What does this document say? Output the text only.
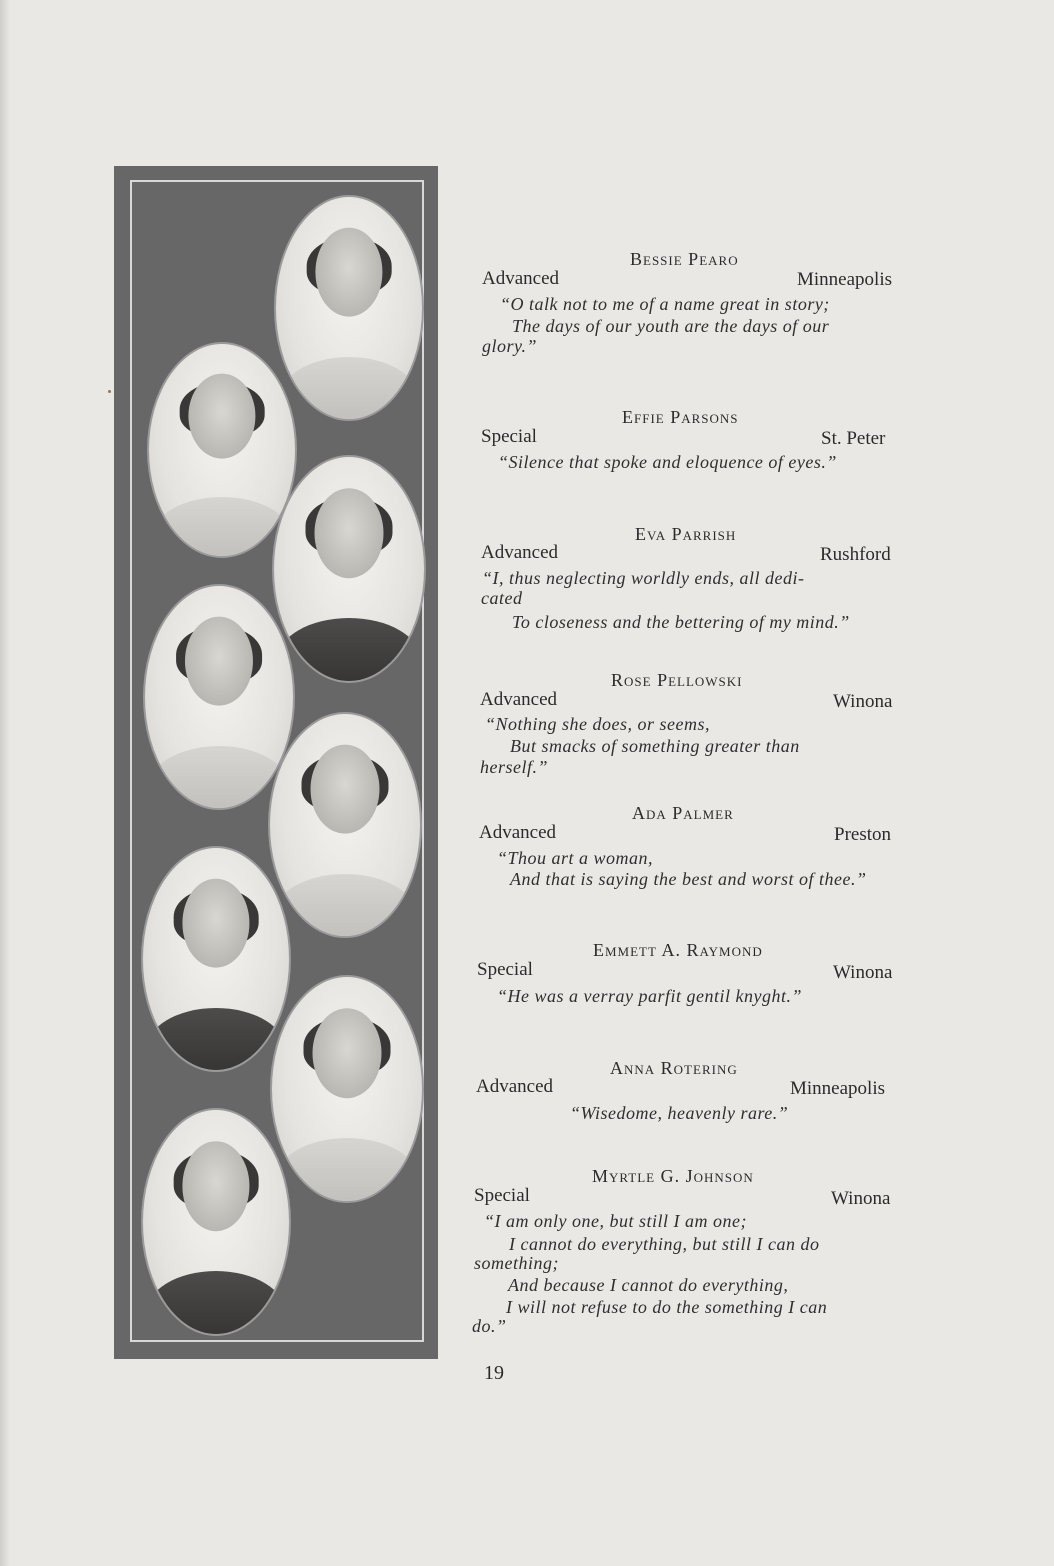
Bessie Pearo
Advanced	Minneapolis
“O talk not to me of a name great in story;
The days of our youth are the days of our
glory.”
Effie Parsons
Special	St. Peter
“Silence that spoke and eloquence of eyes.”
Eva Parrish
Advanced	Rushford
“I, thus neglecting worldly ends, all dedi-
cated
To closeness and the bettering of my mind.”
Rose Pellowski
Advanced	Winona
“Nothing she does, or seems,
But smacks of something greater than
herself.”
Ada Palmer
Advanced	Preston
“Thou art a woman,
And that is saying the best and worst of thee.”
Emmett A. Raymond
Special	Winona
“He was a verray parfit gentil knyght.”
Anna Rotering
Advanced	Minneapolis
“Wisedome, heavenly rare.”
Myrtle G. Johnson
Special	Winona
“I am only one, but still I am one;
I cannot do everything, but still I can do
something;
And because I cannot do everything,
I will not refuse to do the something I can
do.”
19
